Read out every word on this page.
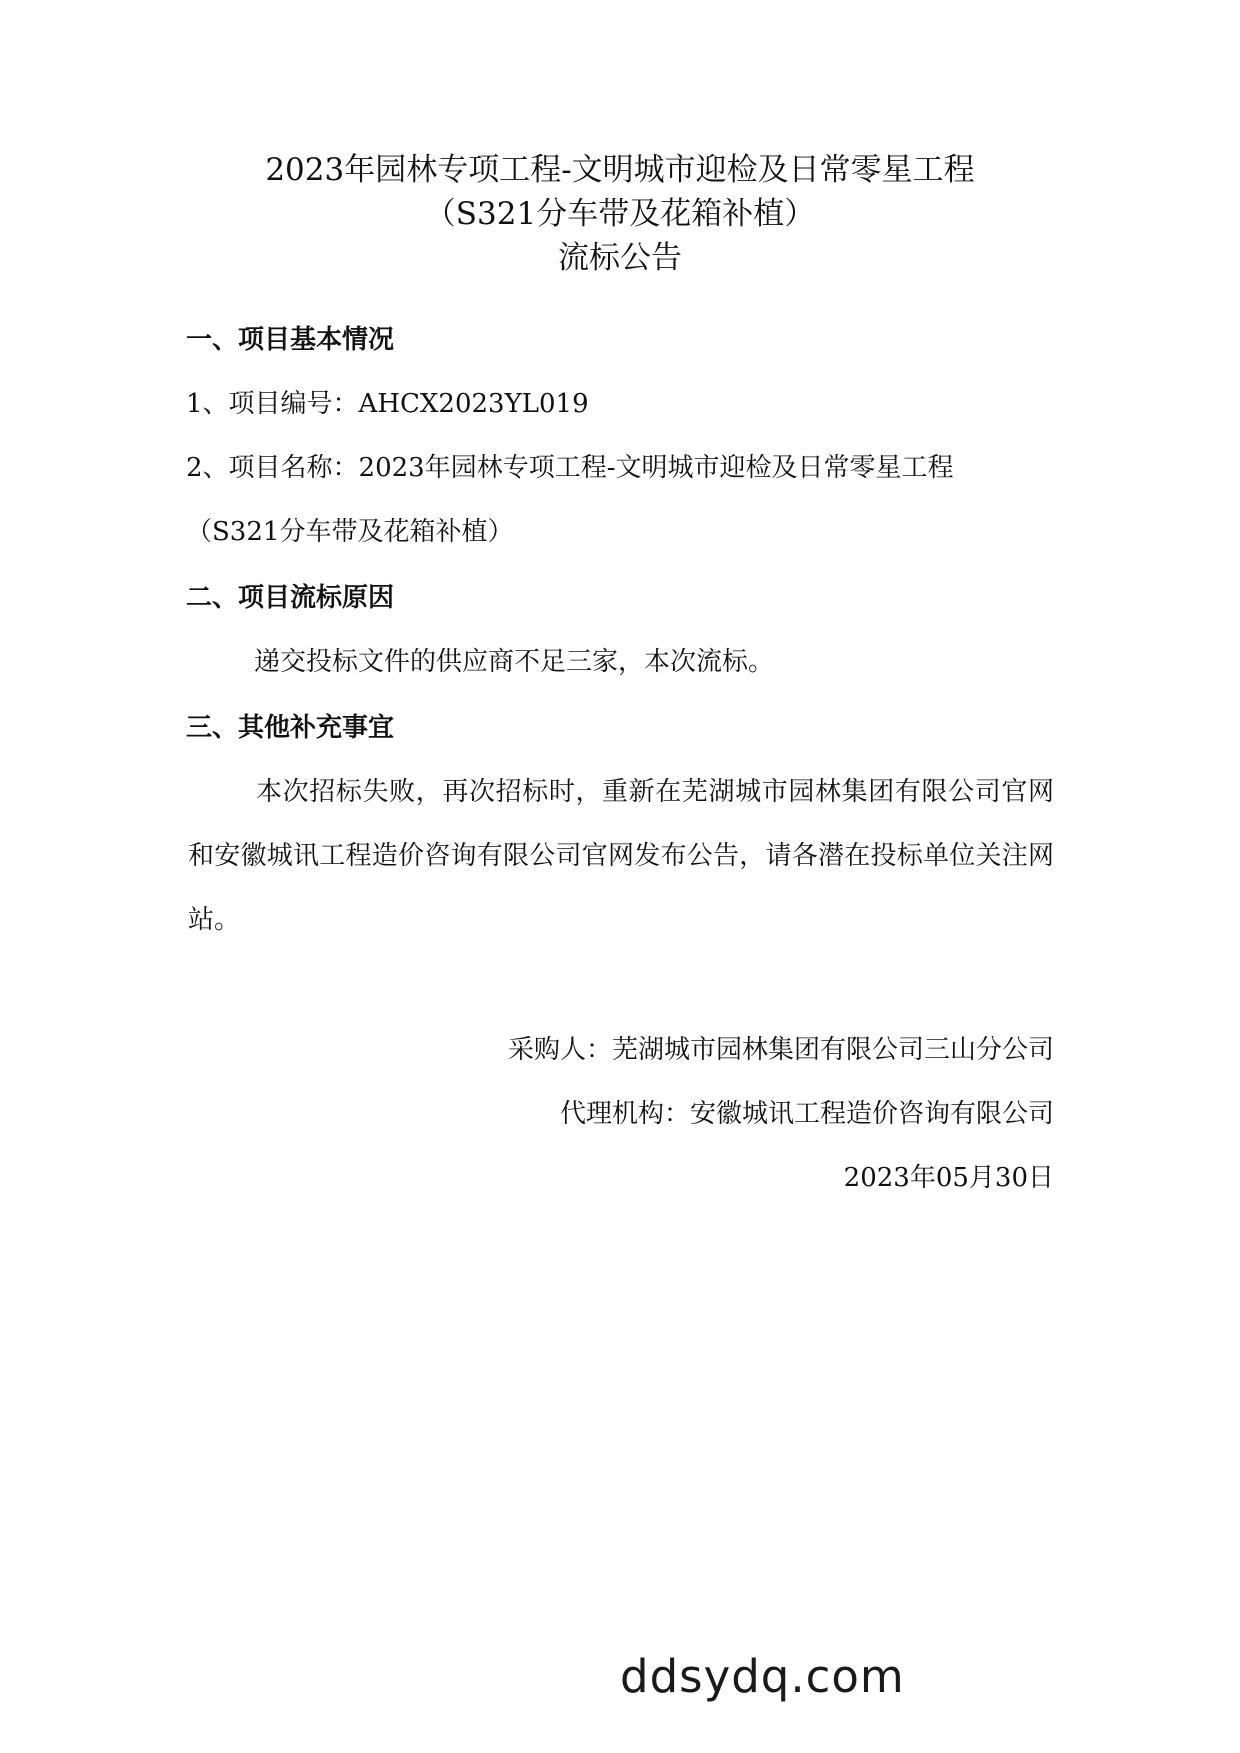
2023年园林专项工程-文明城市迎检及日常零星工程
（S321分车带及花箱补植）
流标公告
一、项目基本情况
1、项目编号：AHCX2023YL019
2、项目名称：2023年园林专项工程-文明城市迎检及日常零星工程
（S321分车带及花箱补植）
二、项目流标原因
递交投标文件的供应商不足三家，本次流标。
三、其他补充事宜
本次招标失败，再次招标时，重新在芜湖城市园林集团有限公司官网和安徽城讯工程造价咨询有限公司官网发布公告，请各潜在投标单位关注网站。
采购人：芜湖城市园林集团有限公司三山分公司
代理机构：安徽城讯工程造价咨询有限公司
2023年05月30日
ddsydq.com
